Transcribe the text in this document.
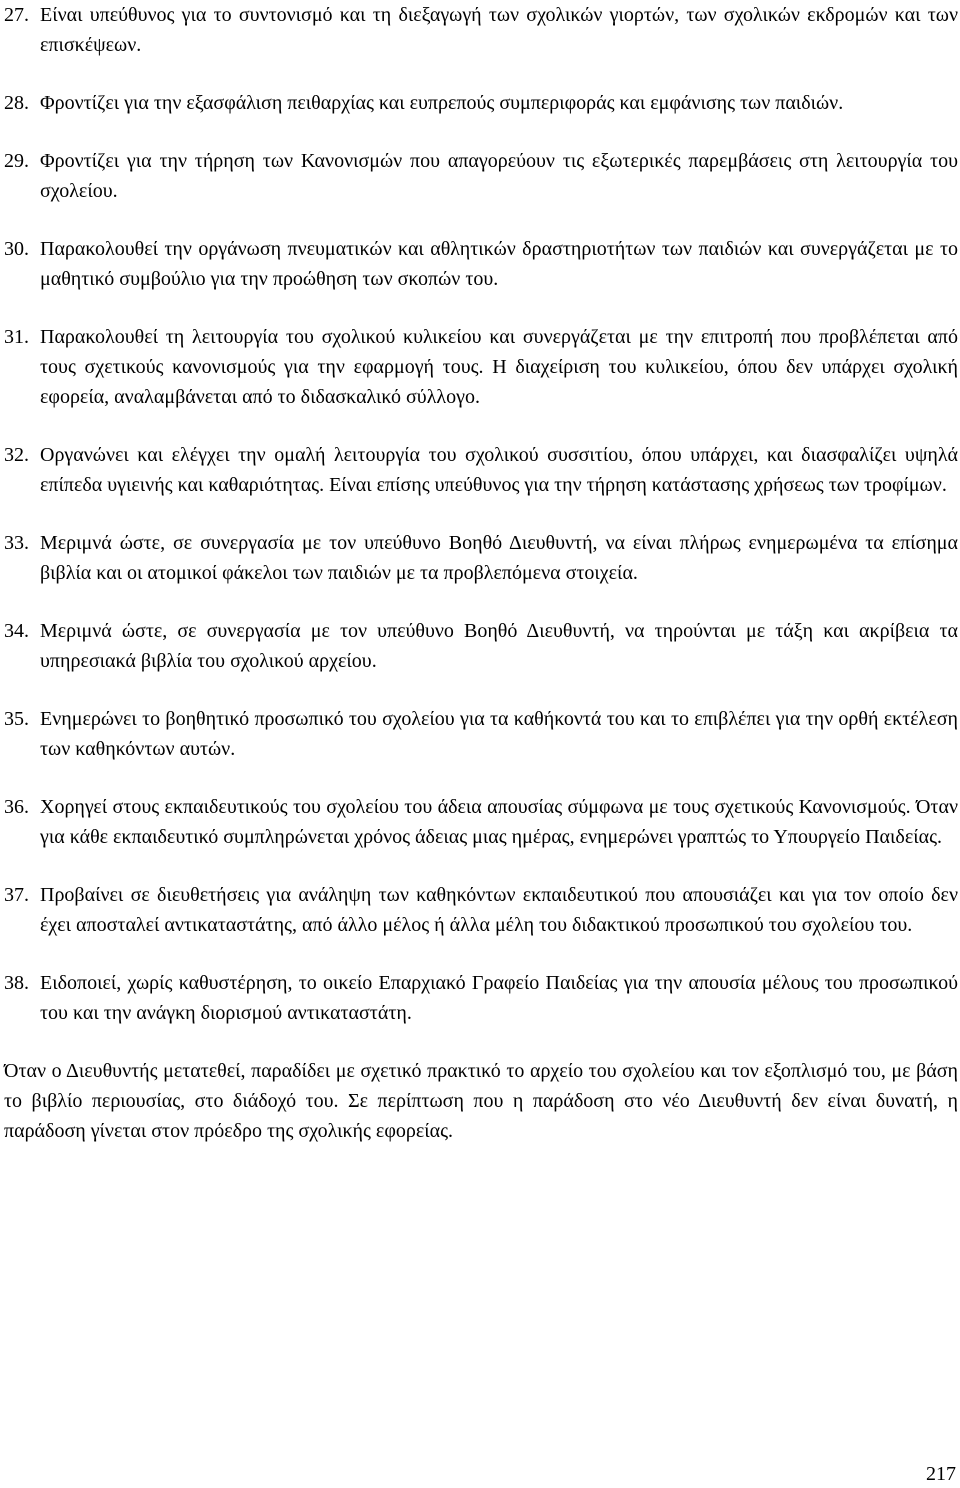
27. Είναι υπεύθυνος για το συντονισμό και τη διεξαγωγή των σχολικών γιορτών, των σχολικών εκδρομών και των επισκέψεων.
28. Φροντίζει για την εξασφάλιση πειθαρχίας και ευπρεπούς συμπεριφοράς και εμφάνισης των παιδιών.
29. Φροντίζει για την τήρηση των Κανονισμών που απαγορεύουν τις εξωτερικές παρεμβάσεις στη λειτουργία του σχολείου.
30. Παρακολουθεί την οργάνωση πνευματικών και αθλητικών δραστηριοτήτων των παιδιών και συνεργάζεται με το μαθητικό συμβούλιο για την προώθηση των σκοπών του.
31. Παρακολουθεί τη λειτουργία του σχολικού κυλικείου και συνεργάζεται με την επιτροπή που προβλέπεται από τους σχετικούς κανονισμούς για την εφαρμογή τους. Η διαχείριση του κυλικείου, όπου δεν υπάρχει σχολική εφορεία, αναλαμβάνεται από το διδασκαλικό σύλλογο.
32. Οργανώνει και ελέγχει την ομαλή λειτουργία του σχολικού συσσιτίου, όπου υπάρχει, και διασφαλίζει υψηλά επίπεδα υγιεινής και καθαριότητας. Είναι επίσης υπεύθυνος για την τήρηση κατάστασης χρήσεως των τροφίμων.
33. Μεριμνά ώστε, σε συνεργασία με τον υπεύθυνο Βοηθό Διευθυντή, να είναι πλήρως ενημερωμένα τα επίσημα βιβλία και οι ατομικοί φάκελοι των παιδιών με τα προβλεπόμενα στοιχεία.
34. Μεριμνά ώστε, σε συνεργασία με τον υπεύθυνο Βοηθό Διευθυντή, να τηρούνται με τάξη και ακρίβεια τα υπηρεσιακά βιβλία του σχολικού αρχείου.
35. Ενημερώνει το βοηθητικό προσωπικό του σχολείου για τα καθήκοντά του και το επιβλέπει για την ορθή εκτέλεση των καθηκόντων αυτών.
36. Χορηγεί στους εκπαιδευτικούς του σχολείου του άδεια απουσίας σύμφωνα με τους σχετικούς Κανονισμούς. Όταν για κάθε εκπαιδευτικό συμπληρώνεται χρόνος άδειας μιας ημέρας, ενημερώνει γραπτώς το Υπουργείο Παιδείας.
37. Προβαίνει σε διευθετήσεις για ανάληψη των καθηκόντων εκπαιδευτικού που απουσιάζει και για τον οποίο δεν έχει αποσταλεί αντικαταστάτης, από άλλο μέλος ή άλλα μέλη του διδακτικού προσωπικού του σχολείου του.
38. Ειδοποιεί, χωρίς καθυστέρηση, το οικείο Επαρχιακό Γραφείο Παιδείας για την απουσία μέλους του προσωπικού του και την ανάγκη διορισμού αντικαταστάτη.

Όταν ο Διευθυντής μετατεθεί, παραδίδει με σχετικό πρακτικό το αρχείο του σχολείου και τον εξοπλισμό του, με βάση το βιβλίο περιουσίας, στο διάδοχό του. Σε περίπτωση που η παράδοση στο νέο Διευθυντή δεν είναι δυνατή, η παράδοση γίνεται στον πρόεδρο της σχολικής εφορείας.

217
